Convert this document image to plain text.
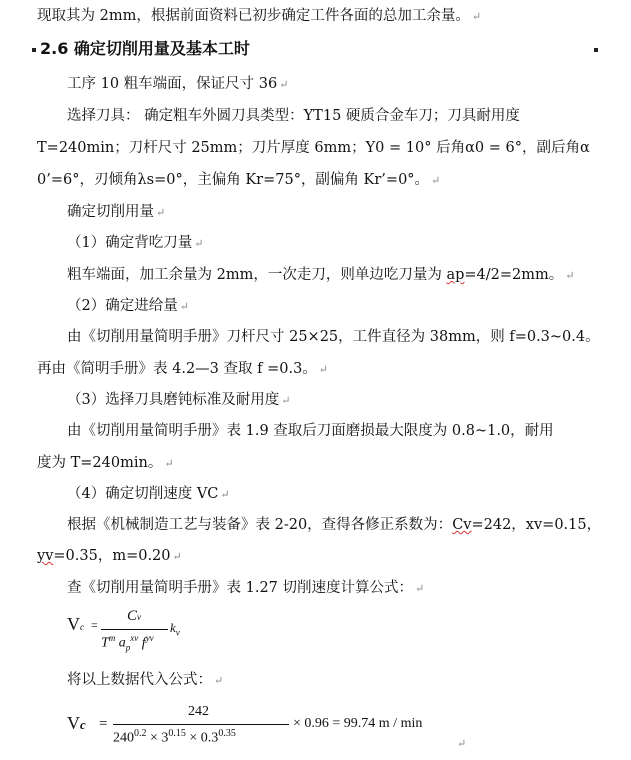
现取其为 2mm，根据前面资料已初步确定工件各面的总加工余量。 ↵
2.6 确定切削用量及基本工时
工序 10 粗车端面，保证尺寸 36 ↵
选择刀具： 确定粗车外圆刀具类型：YT15 硬质合金车刀；刀具耐用度
T=240min；刀杆尺寸 25mm；刀片厚度 6mm；Υ0 = 10° 后角α0 = 6°，副后角α
0’=6°，刃倾角λs=0°，主偏角 Kr=75°，副偏角 Kr’=0°。 ↵
确定切削用量 ↵
（1）确定背吃刀量 ↵
粗车端面，加工余量为 2mm，一次走刀，则单边吃刀量为 ap=4/2=2mm。 ↵
（2）确定进给量 ↵
由《切削用量简明手册》刀杆尺寸 25×25，工件直径为 38mm，则 f=0.3~0.4。
再由《简明手册》表 4.2—3 查取 f =0.3。 ↵
（3）选择刀具磨钝标准及耐用度 ↵
由《切削用量简明手册》表 1.9 查取后刀面磨损最大限度为 0.8~1.0，耐用
度为 T=240min。 ↵
（4）确定切削速度 VC ↵
根据《机械制造工艺与装备》表 2-20，查得各修正系数为：Cv=242，xv=0.15，
yv=0.35，m=0.20 ↵
查《切削用量简明手册》表 1.27 切削速度计算公式： ↵
Vc =
Cv
$T^m$ $a_p^{xv}$ $f^{yv}$
$k_v$
将以上数据代入公式： ↵
Vc =
242
$240^{0.2} \times 3^{0.15} \times 0.3^{0.35}$
× 0.96 = 99.74 m / min
↵
